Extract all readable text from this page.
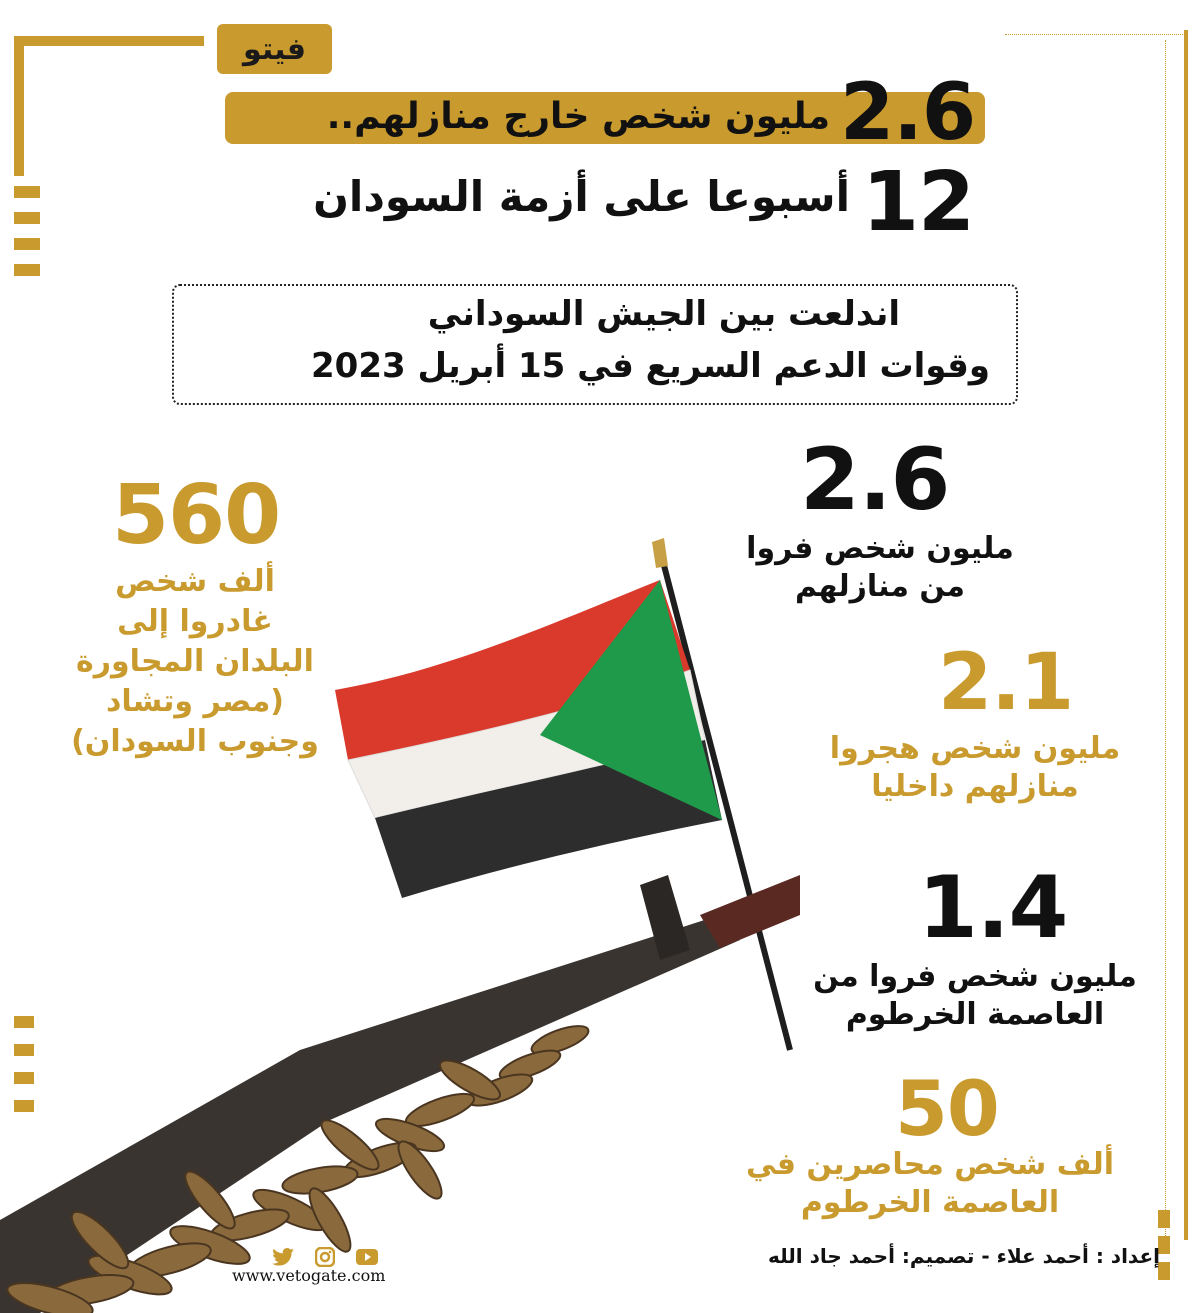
فيتو
مليون شخص خارج منازلهم.. 2.6
أسبوعا على أزمة السودان 12
اندلعت بين الجيش السوداني
وقوات الدعم السريع في 15 أبريل 2023
2.6
مليون شخص فروا
من منازلهم
2.1
مليون شخص هجروا
منازلهم داخليا
1.4
مليون شخص فروا من
العاصمة الخرطوم
50
ألف شخص محاصرين في
العاصمة الخرطوم
560
ألف شخص
غادروا إلى
البلدان المجاورة
(مصر وتشاد
وجنوب السودان)
إعداد : أحمد علاء - تصميم: أحمد جاد الله
www.vetogate.com
